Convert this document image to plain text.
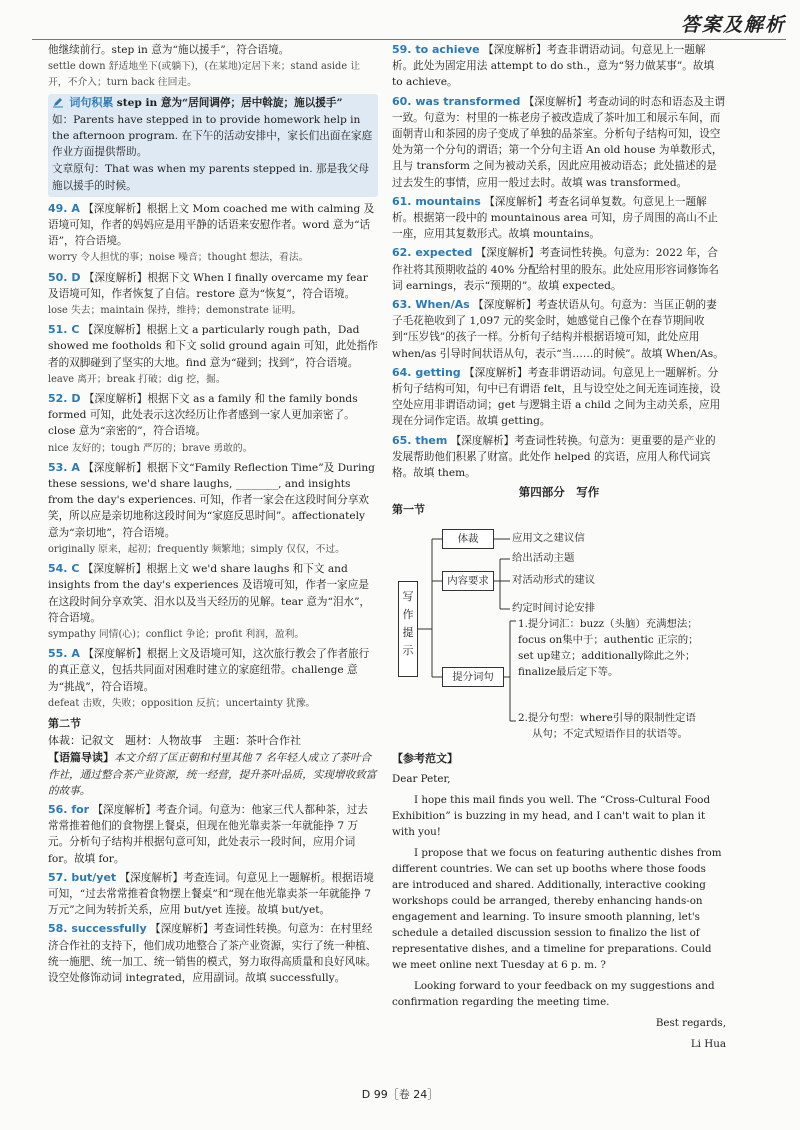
答案及解析

他继续前行。step in 意为“施以援手”，符合语境。

settle down 舒适地坐下(或躺下)，(在某地)定居下来；stand aside 让开，不介入；turn back 往回走。

词句积累 step in 意为“居间调停；居中斡旋；施以援手”

如：Parents have stepped in to provide homework help in the afternoon program. 在下午的活动安排中，家长们出面在家庭作业方面提供帮助。

文章原句：That was when my parents stepped in. 那是我父母施以援手的时候。

49. A 【深度解析】根据上文 Mom coached me with calming 及语境可知，作者的妈妈应是用平静的话语来安慰作者。word 意为“话语”，符合语境。

worry 令人担忧的事；noise 噪音；thought 想法，看法。

50. D 【深度解析】根据下文 When I finally overcame my fear 及语境可知，作者恢复了自信。restore 意为“恢复”，符合语境。

lose 失去；maintain 保持，维持；demonstrate 证明。

51. C 【深度解析】根据上文 a particularly rough path，Dad showed me footholds 和下文 solid ground again 可知，此处指作者的双脚碰到了坚实的大地。find 意为“碰到；找到”，符合语境。

leave 离开；break 打破；dig 挖，掘。

52. D 【深度解析】根据下文 as a family 和 the family bonds formed 可知，此处表示这次经历让作者感到一家人更加亲密了。close 意为“亲密的”，符合语境。

nice 友好的；tough 严厉的；brave 勇敢的。

53. A 【深度解析】根据下文“Family Reflection Time”及 During these sessions, we'd share laughs, ________, and insights from the day's experiences. 可知，作者一家会在这段时间分享欢笑，所以应是亲切地称这段时间为“家庭反思时间”。affectionately 意为“亲切地”，符合语境。

originally 原来，起初；frequently 频繁地；simply 仅仅，不过。

54. C 【深度解析】根据上文 we'd share laughs 和下文 and insights from the day's experiences 及语境可知，作者一家应是在这段时间分享欢笑、泪水以及当天经历的见解。tear 意为“泪水”，符合语境。

sympathy 同情(心)；conflict 争论；profit 利润，盈利。

55. A 【深度解析】根据上文及语境可知，这次旅行教会了作者旅行的真正意义，包括共同面对困难时建立的家庭纽带。challenge 意为“挑战”，符合语境。

defeat 击败，失败；opposition 反抗；uncertainty 犹豫。

第二节

体裁：记叙文　题材：人物故事　主题：茶叶合作社

【语篇导读】本文介绍了匡正朝和村里其他 7 名年轻人成立了茶叶合作社，通过整合茶产业资源，统一经营，提升茶叶品质，实现增收致富的故事。

56. for 【深度解析】考查介词。句意为：他家三代人都种茶，过去常常推着他们的食物摆上餐桌，但现在他光靠卖茶一年就能挣 7 万元。分析句子结构并根据句意可知，此处表示一段时间，应用介词 for。故填 for。

57. but/yet 【深度解析】考查连词。句意见上一题解析。根据语境可知，“过去常常推着食物摆上餐桌”和“现在他光靠卖茶一年就能挣 7 万元”之间为转折关系，应用 but/yet 连接。故填 but/yet。

58. successfully 【深度解析】考查词性转换。句意为：在村里经济合作社的支持下，他们成功地整合了茶产业资源，实行了统一种植、统一施肥、统一加工、统一销售的模式，努力取得高质量和良好风味。设空处修饰动词 integrated，应用副词。故填 successfully。

59. to achieve 【深度解析】考查非谓语动词。句意见上一题解析。此处为固定用法 attempt to do sth.，意为“努力做某事”。故填 to achieve。

60. was transformed 【深度解析】考查动词的时态和语态及主谓一致。句意为：村里的一栋老房子被改造成了茶叶加工和展示车间，而面朝青山和茶园的房子变成了单独的品茶室。分析句子结构可知，设空处为第一个分句的谓语；第一个分句主语 An old house 为单数形式，且与 transform 之间为被动关系，因此应用被动语态；此处描述的是过去发生的事情，应用一般过去时。故填 was transformed。

61. mountains 【深度解析】考查名词单复数。句意见上一题解析。根据第一段中的 mountainous area 可知，房子周围的高山不止一座，应用其复数形式。故填 mountains。

62. expected 【深度解析】考查词性转换。句意为：2022 年，合作社将其预期收益的 40% 分配给村里的股东。此处应用形容词修饰名词 earnings，表示“预期的”。故填 expected。

63. When/As 【深度解析】考查状语从句。句意为：当匡正朝的妻子毛花艳收到了 1,097 元的奖金时，她感觉自己像个在春节期间收到“压岁钱”的孩子一样。分析句子结构并根据语境可知，此处应用 when/as 引导时间状语从句，表示“当……的时候”。故填 When/As。

64. getting 【深度解析】考查非谓语动词。句意见上一题解析。分析句子结构可知，句中已有谓语 felt，且与设空处之间无连词连接，设空处应用非谓语动词；get 与逻辑主语 a child 之间为主动关系，应用现在分词作定语。故填 getting。

65. them 【深度解析】考查词性转换。句意为：更重要的是产业的发展帮助他们积累了财富。此处作 helped 的宾语，应用人称代词宾格。故填 them。

第四部分　写作

第一节

写作提示
体裁	应用文之建议信
内容要求
给出活动主题
对活动形式的建议
约定时间讨论安排
提分词句
1.提分词汇：buzz（头脑）充满想法；
focus on集中于；authentic 正宗的；
set up建立；additionally除此之外；
finalize最后定下等。
2.提分句型：where引导的限制性定语
从句；不定式短语作目的状语等。

【参考范文】

Dear Peter,

I hope this mail finds you well. The “Cross-Cultural Food Exhibition” is buzzing in my head, and I can't wait to plan it with you!

I propose that we focus on featuring authentic dishes from different countries. We can set up booths where those foods are introduced and shared. Additionally, interactive cooking workshops could be arranged, thereby enhancing hands-on engagement and learning. To insure smooth planning, let's schedule a detailed discussion session to finalizo the list of representative dishes, and a timeline for preparations. Could we meet online next Tuesday at 6 p. m. ?

Looking forward to your feedback on my suggestions and confirmation regarding the meeting time.

Best regards,

Li Hua

D 99［卷 24］
